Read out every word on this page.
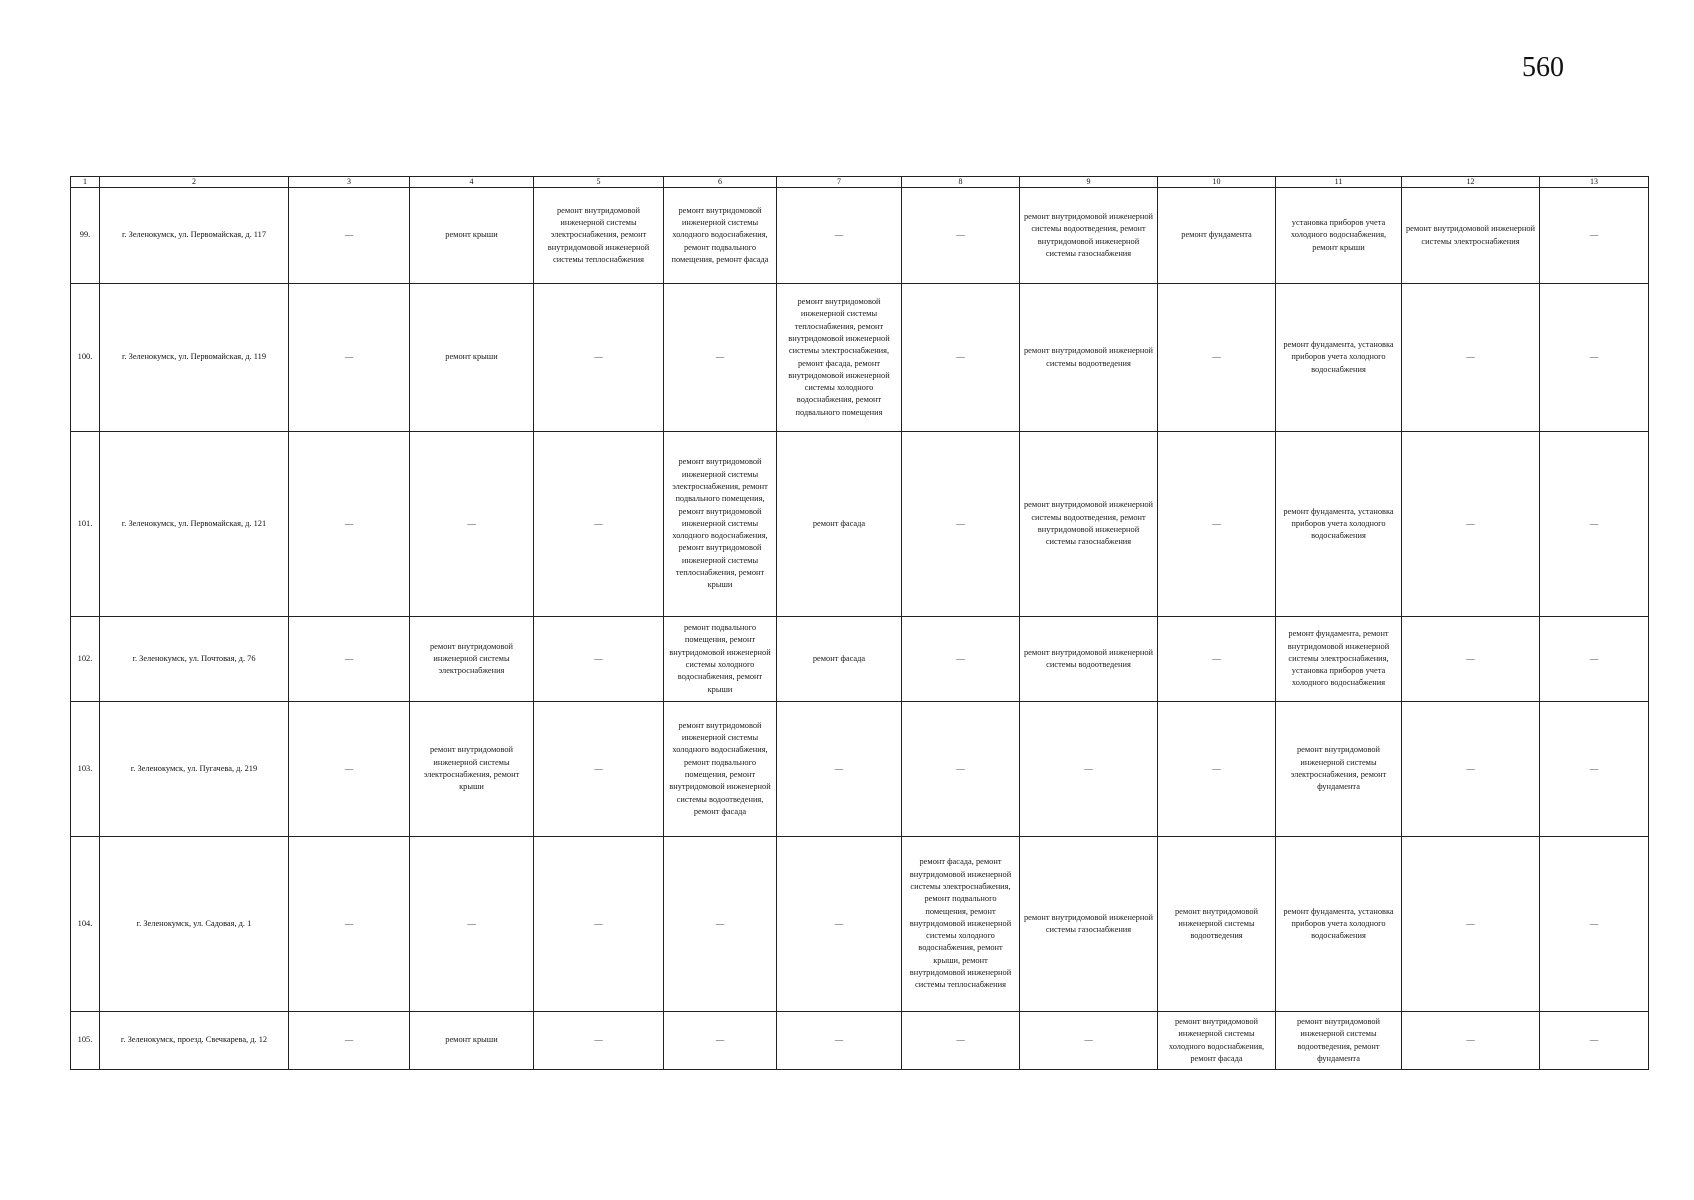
560
1	2	3	4	5	6	7	8	9	10	11	12	13
99.	г. Зеленокумск, ул. Первомайская, д. 117	—	ремонт крыши	ремонт внутридомовой инженерной системы электроснабжения, ремонт внутридомовой инженерной системы теплоснабжения	ремонт внутридомовой инженерной системы холодного водоснабжения, ремонт подвального помещения, ремонт фасада	—	—	ремонт внутридомовой инженерной системы водоотведения, ремонт внутридомовой инженерной системы газоснабжения	ремонт фундамента	установка приборов учета холодного водоснабжения, ремонт крыши	ремонт внутридомовой инженерной системы электроснабжения	—
100.	г. Зеленокумск, ул. Первомайская, д. 119	—	ремонт крыши	—	—	ремонт внутридомовой инженерной системы теплоснабжения, ремонт внутридомовой инженерной системы электроснабжения, ремонт фасада, ремонт внутридомовой инженерной системы холодного водоснабжения, ремонт подвального помещения	—	ремонт внутридомовой инженерной системы водоотведения	—	ремонт фундамента, установка приборов учета холодного водоснабжения	—	—
101.	г. Зеленокумск, ул. Первомайская, д. 121	—	—	—	ремонт внутридомовой инженерной системы электроснабжения, ремонт подвального помещения, ремонт внутридомовой инженерной системы холодного водоснабжения, ремонт внутридомовой инженерной системы теплоснабжения, ремонт крыши	ремонт фасада	—	ремонт внутридомовой инженерной системы водоотведения, ремонт внутридомовой инженерной системы газоснабжения	—	ремонт фундамента, установка приборов учета холодного водоснабжения	—	—
102.	г. Зеленокумск, ул. Почтовая, д. 76	—	ремонт внутридомовой инженерной системы электроснабжения	—	ремонт подвального помещения, ремонт внутридомовой инженерной системы холодного водоснабжения, ремонт крыши	ремонт фасада	—	ремонт внутридомовой инженерной системы водоотведения	—	ремонт фундамента, ремонт внутридомовой инженерной системы электроснабжения, установка приборов учета холодного водоснабжения	—	—
103.	г. Зеленокумск, ул. Пугачева, д. 219	—	ремонт внутридомовой инженерной системы электроснабжения, ремонт крыши	—	ремонт внутридомовой инженерной системы холодного водоснабжения, ремонт подвального помещения, ремонт внутридомовой инженерной системы водоотведения, ремонт фасада	—	—	—	—	ремонт внутридомовой инженерной системы электроснабжения, ремонт фундамента	—	—
104.	г. Зеленокумск, ул. Садовая, д. 1	—	—	—	—	—	ремонт фасада, ремонт внутридомовой инженерной системы электроснабжения, ремонт подвального помещения, ремонт внутридомовой инженерной системы холодного водоснабжения, ремонт крыши, ремонт внутридомовой инженерной системы теплоснабжения	ремонт внутридомовой инженерной системы газоснабжения	ремонт внутридомовой инженерной системы водоотведения	ремонт фундамента, установка приборов учета холодного водоснабжения	—	—
105.	г. Зеленокумск, проезд. Свечкарева, д. 12	—	ремонт крыши	—	—	—	—	—	ремонт внутридомовой инженерной системы холодного водоснабжения, ремонт фасада	ремонт внутридомовой инженерной системы водоотведения, ремонт фундамента	—	—
